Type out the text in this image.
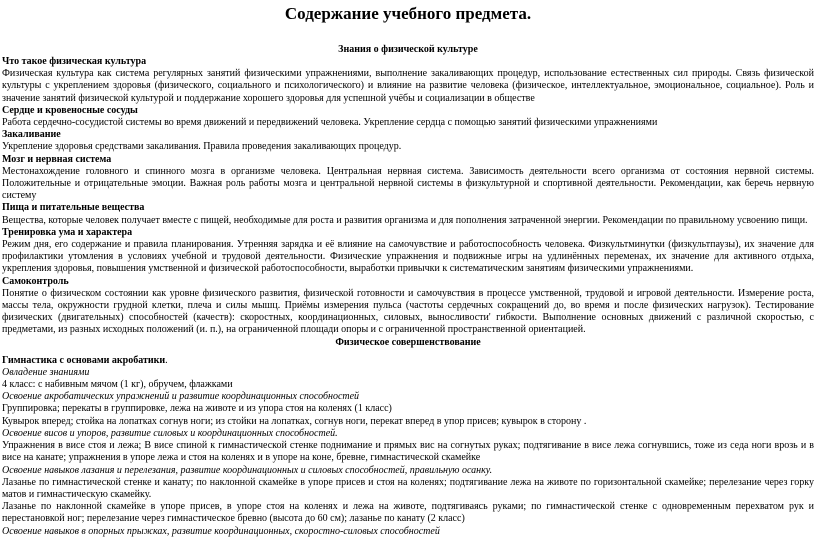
Содержание учебного предмета.
Знания о физической культуре
Что такое физическая культура
Физическая культура как система регулярных занятий физическими упражнениями, выполнение закаливающих процедур, использование естественных сил природы. Связь физической культуры с укреплением здоровья (физического, социального и психологического) и влияние на развитие человека (физическое, интеллектуальное, эмоциональное, социальное). Роль и значение занятий физической культурой и поддержание хорошего здоровья для успешной учёбы и социализации в обществе
Сердце и кровеносные сосуды
Работа сердечно-сосудистой системы во время движений и передвижений человека. Укрепление сердца с помощью занятий физическими упражнениями
Закаливание
Укрепление здоровья средствами закаливания. Правила проведения закаливающих процедур.
Мозг и нервная система
Местонахождение головного и спинного мозга в организме человека. Центральная нервная система. Зависимость деятельности всего организма от состояния нервной системы. Положительные и отрицательные эмоции. Важная роль работы мозга и центральной нервной системы в физкультурной и спортивной деятельности. Рекомендации, как беречь нервную систему
Пища и питательные вещества
Вещества, которые человек получает вместе с пищей, необходимые для роста и развития организма и для пополнения затраченной энергии. Рекомендации по правильному усвоению пищи.
Тренировка ума и характера
Режим дня, его содержание и правила планирования. Утренняя зарядка и её влияние на самочувствие и работоспособность человека. Физкультминутки (физкультпаузы), их значение для профилактики утомления в условиях учебной и трудовой деятельности. Физические упражнения и подвижные игры на удлинённых переменах, их значение для активного отдыха, укрепления здоровья, повышения умственной и физической работоспособности, выработки привычки к систематическим занятиям физическими упражнениями.
Самоконтроль
Понятие о физическом состоянии как уровне физического развития, физической готовности и самочувствия в процессе умственной, трудовой и игровой деятельности. Измерение роста, массы тела, окружности грудной клетки, плеча и силы мышц. Приёмы измерения пульса (частоты сердечных сокращений до, во время и после физических нагрузок). Тестирование физических (двигательных) способностей (качеств): скоростных, координационных, силовых, выносливости' гибкости. Выполнение основных движений с различной скоростью, с предметами, из разных исходных положений (и. п.), на ограниченной площади опоры и с ограниченной пространственной ориентацией.
Физическое совершенствование
Гимнастика с основами акробатики.
Овладение знаниями
4 класс: с набивным мячом (1 кг), обручем, флажками
Освоение акробатических упражнений и развитие координационных способностей
Группировка; перекаты в группировке, лежа на животе и из упора стоя на коленях (1 класс)
Кувырок вперед; стойка на лопатках согнув ноги; из стойки на лопатках, согнув ноги, перекат вперед в упор присев; кувырок в сторону .
Освоение висов и упоров, развитие силовых и координационных способностей.
Упражнения в висе стоя и лежа; В висе спиной к гимнастической стенке поднимание и прямых вис на согнутых руках; подтягивание в висе лежа согнувшись, тоже из седа ноги врозь и в висе на канате; упражнения в упоре лежа и стоя на коленях и в упоре на коне, бревне, гимнастической скамейке
Освоение навыков лазания и перелезания, развитие координационных и силовых способностей, правильную осанку.
Лазанье по гимнастической стенке и канату; по наклонной скамейке в упоре присев и стоя на коленях; подтягивание лежа на животе по горизонтальной скамейке; перелезание через горку матов и гимнастическую скамейку.
Лазанье по наклонной скамейке в упоре присев, в упоре стоя на коленях и лежа на животе, подтягиваясь руками; по гимнастической стенке с одновременным перехватом рук и перестановкой ног; перелезание через гимнастическое бревно (высота до 60 см); лазанье по канату (2 класс)
Освоение навыков в опорных прыжках, развитие координационных, скоростно-силовых способностей
